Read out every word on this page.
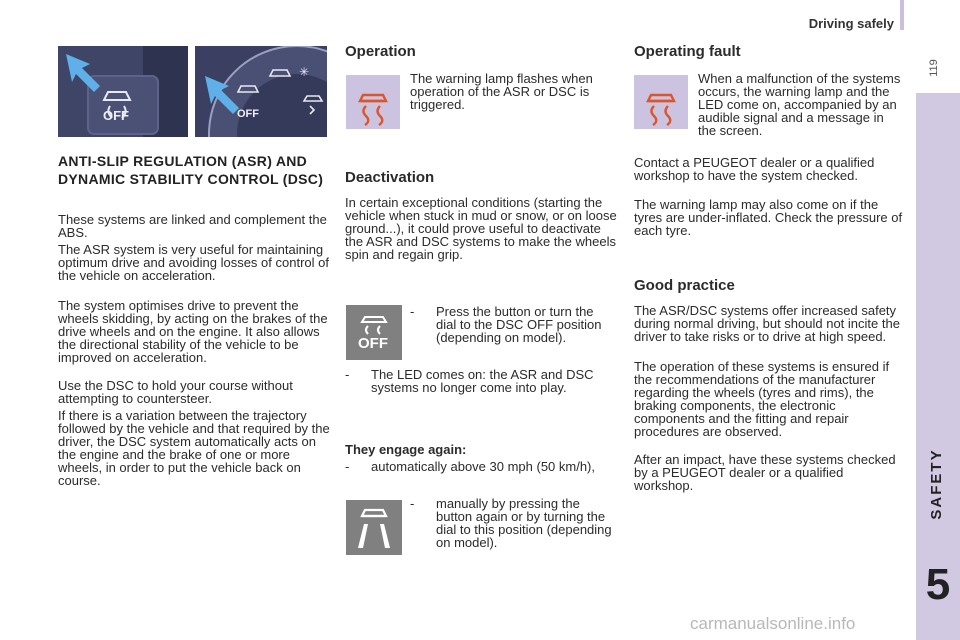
Driving safely
119
SAFETY
5
OFF
✳
OFF
ANTI-SLIP REGULATION (ASR) AND DYNAMIC STABILITY CONTROL (DSC)
These systems are linked and complement the ABS.
The ASR system is very useful for maintaining optimum drive and avoiding losses of control of the vehicle on acceleration.
The system optimises drive to prevent the wheels skidding, by acting on the brakes of the drive wheels and on the engine. It also allows the directional stability of the vehicle to be improved on acceleration.
Use the DSC to hold your course without attempting to countersteer.
If there is a variation between the trajectory followed by the vehicle and that required by the driver, the DSC system automatically acts on the engine and the brake of one or more wheels, in order to put the vehicle back on course.
Operation
The warning lamp flashes when operation of the ASR or DSC is triggered.
Deactivation
In certain exceptional conditions (starting the vehicle when stuck in mud or snow, or on loose ground...), it could prove useful to deactivate the ASR and DSC systems to make the wheels spin and regain grip.
OFF
- Press the button or turn the dial to the DSC OFF position (depending on model).
- The LED comes on: the ASR and DSC systems no longer come into play.
They engage again:
- automatically above 30 mph (50 km/h),
- manually by pressing the button again or by turning the dial to this position (depending on model).
Operating fault
When a malfunction of the systems occurs, the warning lamp and the LED come on, accompanied by an audible signal and a message in the screen.
Contact a PEUGEOT dealer or a qualified workshop to have the system checked.
The warning lamp may also come on if the tyres are under-inflated. Check the pressure of each tyre.
Good practice
The ASR/DSC systems offer increased safety during normal driving, but should not incite the driver to take risks or to drive at high speed.
The operation of these systems is ensured if the recommendations of the manufacturer regarding the wheels (tyres and rims), the braking components, the electronic components and the fitting and repair procedures are observed.
After an impact, have these systems checked by a PEUGEOT dealer or a qualified workshop.
carmanualsonline.info
